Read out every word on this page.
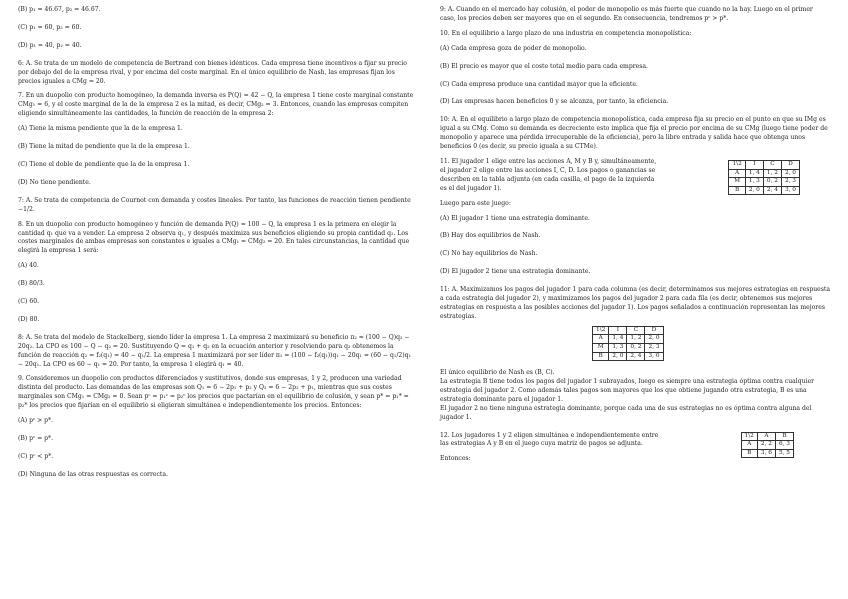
(B) p₁ = 46.67, p₂ = 46.67.

(C) p₁ = 60, p₂ = 60.

(D) p₁ = 40, p₂ = 40.

6: A. Se trata de un modelo de competencia de Bertrand con bienes idénticos. Cada empresa tiene incentivos a fijar su precio por debajo del de la empresa rival, y por encima del coste marginal. En el único equilibrio de Nash, las empresas fijan los precios iguales a CMg = 20.

7. En un duopolio con producto homogéneo, la demanda inversa es P(Q) = 42 − Q, la empresa 1 tiene coste marginal constante CMg₁ = 6, y el coste marginal de la de la empresa 2 es la mitad, es decir, CMg₂ = 3. Entonces, cuando las empresas compiten eligiendo simultáneamente las cantidades, la función de reacción de la empresa 2:

(A) Tiene la misma pendiente que la de la empresa 1.

(B) Tiene la mitad de pendiente que la de la empresa 1.

(C) Tiene el doble de pendiente que la de la empresa 1.

(D) No tiene pendiente.

7: A. Se trata de competencia de Cournot con demanda y costes lineales. Por tanto, las funciones de reacción tienen pendiente −1/2.

8. En un duopolio con producto homogéneo y función de demanda P(Q) = 100 − Q, la empresa 1 es la primera en elegir la cantidad q₁ que va a vender. La empresa 2 observa q₁, y después maximiza sus beneficios eligiendo su propia cantidad q₂. Los costes marginales de ambas empresas son constantes e iguales a CMg₁ = CMg₂ = 20. En tales circunstancias, la cantidad que elegirá la empresa 1 será:

(A) 40.

(B) 80/3.

(C) 60.

(D) 80.

8: A. Se trata del modelo de Stackelberg, siendo líder la empresa 1. La empresa 2 maximizará su beneficio π₂ = (100 − Q)q₂ − 20q₂. La CPO es 100 − Q − q₂ = 20. Sustituyendo Q = q₁ + q₂ en la ecuación anterior y resolviendo para q₂ obtenemos la función de reacción q₂ = f₂(q₁) = 40 − q₁/2. La empresa 1 maximizará por ser líder π₁ = (100 − f₂(q₁))q₁ − 20q₁ = (60 − q₁/2)q₁ − 20q₁. La CPO es 60 − q₁ = 20. Por tanto, la empresa 1 elegirá q₁ = 40.

9. Consideremos un duopolio con productos diferenciados y sustitutivos, donde sus empresas, 1 y 2, producen una variedad distinta del producto. Las demandas de las empresas son Q₁ = 6 − 2p₁ + p₂ y Q₂ = 6 − 2p₂ + p₁, mientras que sus costes marginales son CMg₁ = CMg₂ = 0. Sean pᶜ = p₁ᶜ = p₂ᶜ los precios que pactarían en el equilibrio de colusión, y sean p* = p₁* = p₂* los precios que fijarían en el equilibrio si eligieran simultánea e independientemente los precios. Entonces:

(A) pᶜ > p*.

(B) pᶜ = p*.

(C) pᶜ < p*.

(D) Ninguna de las otras respuestas es correcta.

9: A. Cuando en el mercado hay colusión, el poder de monopolio es más fuerte que cuando no la hay. Luego en el primer caso, los precios deben ser mayores que en el segundo. En consecuencia, tendremos pᶜ > p*.

10. En el equilibrio a largo plazo de una industria en competencia monopolística:

(A) Cada empresa goza de poder de monopolio.

(B) El precio es mayor que el coste total medio para cada empresa.

(C) Cada empresa produce una cantidad mayor que la eficiente.

(D) Las empresas hacen beneficios 0 y se alcanza, por tanto, la eficiencia.

10: A. En el equilibrio a largo plazo de competencia monopolística, cada empresa fija su precio en el punto en que su IMg es igual a su CMg. Como su demanda es decreciente esto implica que fija el precio por encima de su CMg (luego tiene poder de monopolio y aparece una pérdida irrecuperable de la eficiencia), pero la libre entrada y salida hace que obtenga unos beneficios 0 (es decir, su precio iguala a su CTMe).

11. El jugador 1 elige entre las acciones A, M y B y, simultáneamente, el jugador 2 elige entre las acciones I, C, D. Los pagos o ganancias se describen en la tabla adjunta (en cada casilla, el pago de la izquierda es el del jugador 1).

1\2	I	C	D
A	1, 4	1, 2	2, 0
M	1, 3	0, 2	2, 3
B	2, 0	2, 4	3, 0

Luego para este juego:

(A) El jugador 1 tiene una estrategia dominante.

(B) Hay dos equilibrios de Nash.

(C) No hay equilibrios de Nash.

(D) El jugador 2 tiene una estrategia dominante.

11: A. Maximizamos los pagos del jugador 1 para cada columna (es decir, determinamos sus mejores estrategias en respuesta a cada estrategia del jugador 2), y maximizamos los pagos del jugador 2 para cada fila (es decir, obtenemos sus mejores estrategias en respuesta a las posibles acciones del jugador 1). Los pagos señalados a continuación representan las mejores estrategias.

1\2	I	C	D
A	1, 4	1, 2	2, 0
M	1, 3	0, 2	2, 3
B	2, 0	2, 4	3, 0

El único equilibrio de Nash es (B, C).

La estrategia B tiene todos los pagos del jugador 1 subrayados, luego es siempre una estrategia óptima contra cualquier estrategia del jugador 2. Como además tales pagos son mayores que los que obtiene jugando otra estrategia, B es una estrategia dominante para el jugador 1.

El jugador 2 no tiene ninguna estrategia dominante, porque cada una de sus estrategias no es óptima contra alguna del jugador 1.

12. Los jugadores 1 y 2 eligen simultánea e independientemente entre las estrategias A y B en el juego cuya matriz de pagos se adjunta.

1\2	A	B
A	2, 2	6, 3
B	3, 6	5, 5

Entonces:
